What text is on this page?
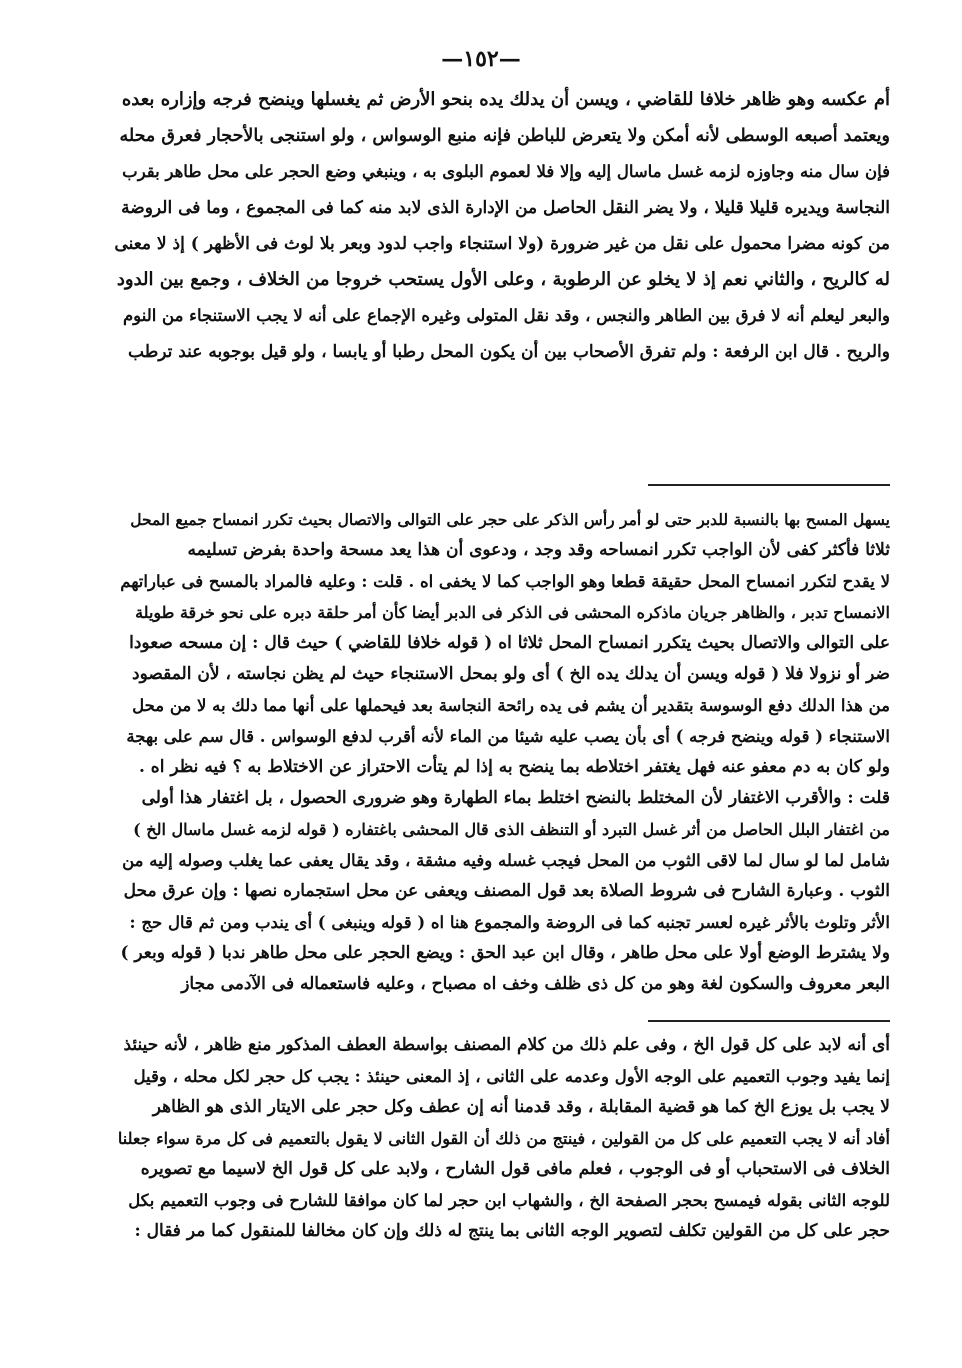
—١٥٢—
أم عكسه وهو ظاهر خلافا للقاضي ، ويسن أن يدلك يده بنحو الأرض ثم يغسلها وينضح فرجه وإزاره بعده
ويعتمد أصبعه الوسطى لأنه أمكن ولا يتعرض للباطن فإنه منبع الوسواس ، ولو استنجى بالأحجار فعرق محله
فإن سال منه وجاوزه لزمه غسل ماسال إليه وإلا فلا لعموم البلوى به ، وينبغي وضع الحجر على محل طاهر بقرب
النجاسة ويديره قليلا قليلا ، ولا يضر النقل الحاصل من الإدارة الذى لابد منه كما فى المجموع ، وما فى الروضة
من كونه مضرا محمول على نقل من غير ضرورة (ولا استنجاء واجب لدود وبعر بلا لوث فى الأظهر ) إذ لا معنى
له كالريح ، والثاني نعم إذ لا يخلو عن الرطوبة ، وعلى الأول يستحب خروجا من الخلاف ، وجمع بين الدود
والبعر ليعلم أنه لا فرق بين الطاهر والنجس ، وقد نقل المتولى وغيره الإجماع على أنه لا يجب الاستنجاء من النوم
والريح . قال ابن الرفعة : ولم تفرق الأصحاب بين أن يكون المحل رطبا أو يابسا ، ولو قيل بوجوبه عند ترطب
يسهل المسح بها بالنسبة للدبر حتى لو أمر رأس الذكر على حجر على التوالى والاتصال بحيث تكرر انمساح جميع المحل
ثلاثا فأكثر كفى لأن الواجب تكرر انمساحه وقد وجد ، ودعوى أن هذا يعد مسحة واحدة بفرض تسليمه
لا يقدح لتكرر انمساح المحل حقيقة قطعا وهو الواجب كما لا يخفى اه . قلت : وعليه فالمراد بالمسح فى عباراتهم
الانمساح تدبر ، والظاهر جريان ماذكره المحشى فى الذكر فى الدبر أيضا كأن أمر حلقة دبره على نحو خرقة طويلة
على التوالى والاتصال بحيث يتكرر انمساح المحل ثلاثا اه ( قوله خلافا للقاضي ) حيث قال : إن مسحه صعودا
ضر أو نزولا فلا ( قوله ويسن أن يدلك يده الخ ) أى ولو بمحل الاستنجاء حيث لم يظن نجاسته ، لأن المقصود
من هذا الدلك دفع الوسوسة بتقدير أن يشم فى يده رائحة النجاسة بعد فيحملها على أنها مما دلك به لا من محل
الاستنجاء ( قوله وينضح فرجه ) أى بأن يصب عليه شيئا من الماء لأنه أقرب لدفع الوسواس . قال سم على بهجة
ولو كان به دم معفو عنه فهل يغتفر اختلاطه بما ينضح به إذا لم يتأت الاحتراز عن الاختلاط به ؟ فيه نظر اه .
قلت : والأقرب الاغتفار لأن المختلط بالنضح اختلط بماء الطهارة وهو ضرورى الحصول ، بل اغتفار هذا أولى
من اغتفار البلل الحاصل من أثر غسل التبرد أو التنظف الذى قال المحشى باغتفاره ( قوله لزمه غسل ماسال الخ )
شامل لما لو سال لما لاقى الثوب من المحل فيجب غسله وفيه مشقة ، وقد يقال يعفى عما يغلب وصوله إليه من
الثوب . وعبارة الشارح فى شروط الصلاة بعد قول المصنف ويعفى عن محل استجماره نصها : وإن عرق محل
الأثر وتلوث بالأثر غيره لعسر تجنبه كما فى الروضة والمجموع هنا اه ( قوله وينبغى ) أى يندب ومن ثم قال حج :
ولا يشترط الوضع أولا على محل طاهر ، وقال ابن عبد الحق : ويضع الحجر على محل طاهر ندبا ( قوله وبعر )
البعر معروف والسكون لغة وهو من كل ذى ظلف وخف اه مصباح ، وعليه فاستعماله فى الآدمى مجاز
أى أنه لابد على كل قول الخ ، وفى علم ذلك من كلام المصنف بواسطة العطف المذكور منع ظاهر ، لأنه حينئذ
إنما يفيد وجوب التعميم على الوجه الأول وعدمه على الثانى ، إذ المعنى حينئذ : يجب كل حجر لكل محله ، وقيل
لا يجب بل يوزع الخ كما هو قضية المقابلة ، وقد قدمنا أنه إن عطف وكل حجر على الايتار الذى هو الظاهر
أفاد أنه لا يجب التعميم على كل من القولين ، فينتج من ذلك أن القول الثانى لا يقول بالتعميم فى كل مرة سواء جعلنا
الخلاف فى الاستحباب أو فى الوجوب ، فعلم مافى قول الشارح ، ولابد على كل قول الخ لاسيما مع تصويره
للوجه الثانى بقوله فيمسح بحجر الصفحة الخ ، والشهاب ابن حجر لما كان موافقا للشارح فى وجوب التعميم بكل
حجر على كل من القولين تكلف لتصوير الوجه الثانى بما ينتج له ذلك وإن كان مخالفا للمنقول كما مر فقال :
